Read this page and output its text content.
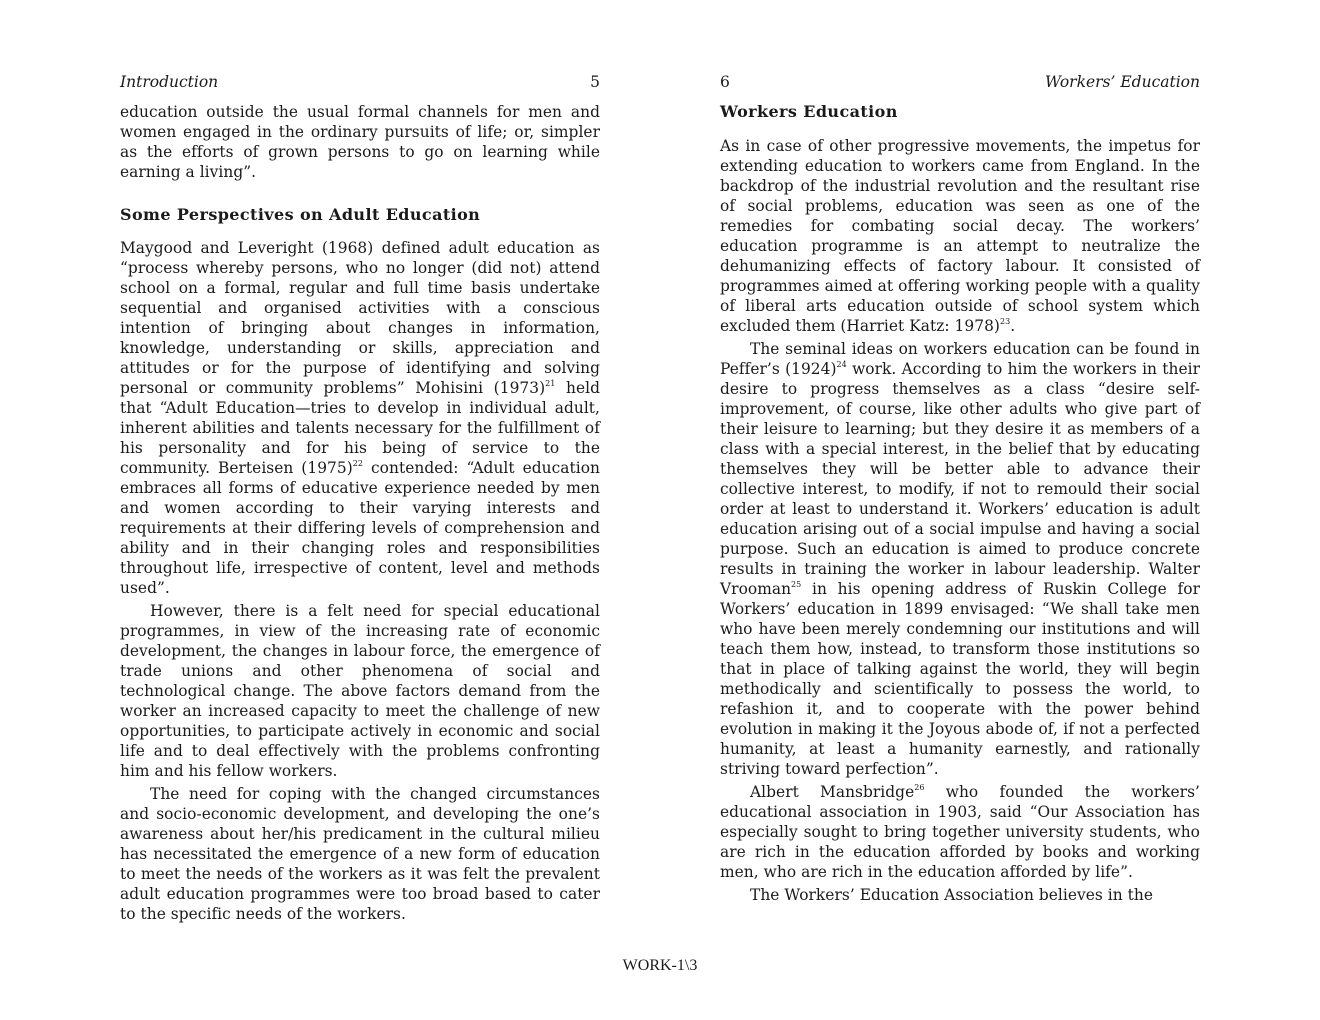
Introduction	5

education outside the usual formal channels for men and women engaged in the ordinary pursuits of life; or, simpler as the efforts of grown persons to go on learning while earning a living”.

Some Perspectives on Adult Education

Maygood and Leveright (1968) defined adult education as “process whereby persons, who no longer (did not) attend school on a formal, regular and full time basis undertake sequential and organised activities with a conscious intention of bringing about changes in information, knowledge, understanding or skills, appreciation and attitudes or for the purpose of identifying and solving personal or community problems” Mohisini $(1973)^{21}$ held that “Adult Education—tries to develop in individual adult, inherent abilities and talents necessary for the fulfillment of his personality and for his being of service to the community. Berteisen $(1975)^{22}$ contended: “Adult education embraces all forms of educative experience needed by men and women according to their varying interests and requirements at their differing levels of comprehension and ability and in their changing roles and responsibilities throughout life, irrespective of content, level and methods used”.

However, there is a felt need for special educational programmes, in view of the increasing rate of economic development, the changes in labour force, the emergence of trade unions and other phenomena of social and technological change. The above factors demand from the worker an increased capacity to meet the challenge of new opportunities, to participate actively in economic and social life and to deal effectively with the problems confronting him and his fellow workers.

The need for coping with the changed circumstances and socio-economic development, and developing the one’s awareness about her/his predicament in the cultural milieu has necessitated the emergence of a new form of education to meet the needs of the workers as it was felt the prevalent adult education programmes were too broad based to cater to the specific needs of the workers.

6	Workers’ Education
Workers Education

As in case of other progressive movements, the impetus for extending education to workers came from England. In the backdrop of the industrial revolution and the resultant rise of social problems, education was seen as one of the remedies for combating social decay. The workers’ education programme is an attempt to neutralize the dehumanizing effects of factory labour. It consisted of programmes aimed at offering working people with a quality of liberal arts education outside of school system which excluded them (Harriet Katz: 1978)$^{23}$.

The seminal ideas on workers education can be found in Peffer’s $(1924)^{24}$ work. According to him the workers in their desire to progress themselves as a class “desire self-improvement, of course, like other adults who give part of their leisure to learning; but they desire it as members of a class with a special interest, in the belief that by educating themselves they will be better able to advance their collective interest, to modify, if not to remould their social order at least to understand it. Workers’ education is adult education arising out of a social impulse and having a social purpose. Such an education is aimed to produce concrete results in training the worker in labour leadership. Walter Vrooman$^{25}$ in his opening address of Ruskin College for Workers’ education in 1899 envisaged: “We shall take men who have been merely condemning our institutions and will teach them how, instead, to transform those institutions so that in place of talking against the world, they will begin methodically and scientifically to possess the world, to refashion it, and to cooperate with the power behind evolution in making it the Joyous abode of, if not a perfected humanity, at least a humanity earnestly, and rationally striving toward perfection”.

Albert Mansbridge$^{26}$ who founded the workers’ educational association in 1903, said “Our Association has especially sought to bring together university students, who are rich in the education afforded by books and working men, who are rich in the education afforded by life”.

The Workers’ Education Association believes in the

WORK-1\3
